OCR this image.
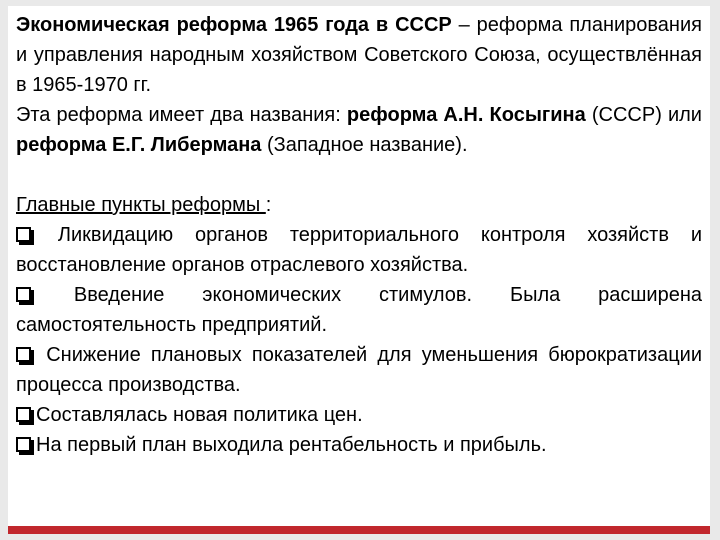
Экономическая реформа 1965 года в СССР – реформа планирования и управления народным хозяйством Советского Союза, осуществлённая в 1965-1970 гг.

Эта реформа имеет два названия: реформа А.Н. Косыгина (СССР) или реформа Е.Г. Либермана (Западное название).

Главные пункты реформы :

Ликвидацию органов территориального контроля хозяйств и восстановление органов отраслевого хозяйства.

Введение экономических стимулов. Была расширена самостоятельность предприятий.

Снижение плановых показателей для уменьшения бюрократизации процесса производства.

Составлялась новая политика цен.

На первый план выходила рентабельность и прибыль.
